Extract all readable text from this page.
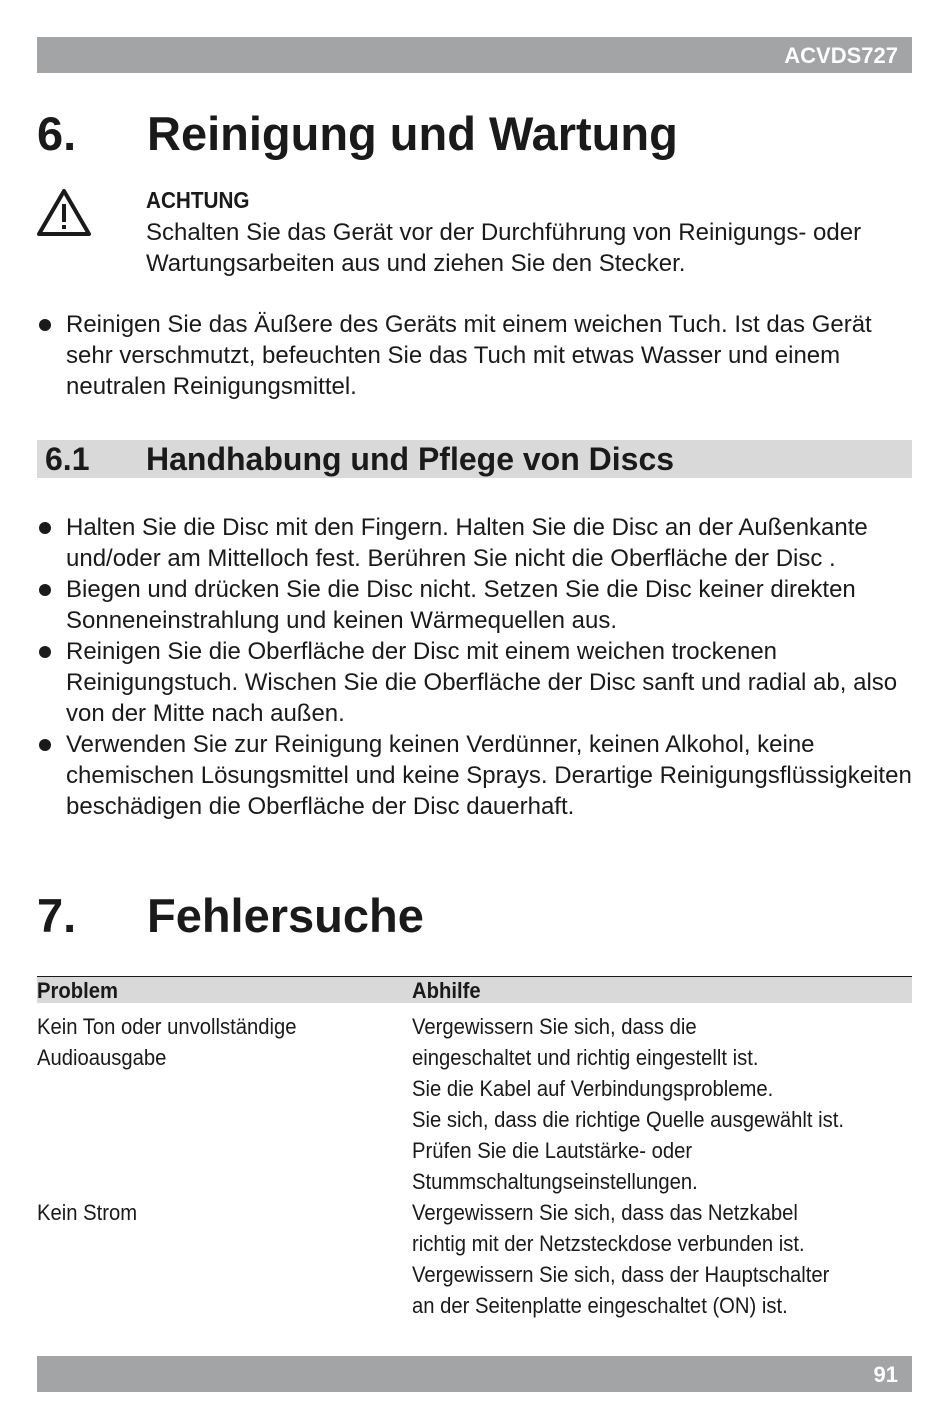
ACVDS727
6. Reinigung und Wartung
ACHTUNG
Schalten Sie das Gerät vor der Durchführung von Reinigungs- oder Wartungsarbeiten aus und ziehen Sie den Stecker.
Reinigen Sie das Äußere des Geräts mit einem weichen Tuch. Ist das Gerät sehr verschmutzt, befeuchten Sie das Tuch mit etwas Wasser und einem neutralen Reinigungsmittel.
6.1 Handhabung und Pflege von Discs
Halten Sie die Disc mit den Fingern. Halten Sie die Disc an der Außenkante und/oder am Mittelloch fest. Berühren Sie nicht die Oberfläche der Disc .
Biegen und drücken Sie die Disc nicht. Setzen Sie die Disc keiner direkten Sonneneinstrahlung und keinen Wärmequellen aus.
Reinigen Sie die Oberfläche der Disc mit einem weichen trockenen Reinigungstuch. Wischen Sie die Oberfläche der Disc sanft und radial ab, also von der Mitte nach außen.
Verwenden Sie zur Reinigung keinen Verdünner, keinen Alkohol, keine chemischen Lösungsmittel und keine Sprays. Derartige Reinigungsflüssigkeiten beschädigen die Oberfläche der Disc dauerhaft.
7. Fehlersuche
Problem	Abhilfe
Kein Ton oder unvollständige
Audioausgabe
Vergewissern Sie sich, dass die
eingeschaltet und richtig eingestellt ist.
Sie die Kabel auf Verbindungsprobleme.
Sie sich, dass die richtige Quelle ausgewählt ist.
Prüfen Sie die Lautstärke- oder
Stummschaltungseinstellungen.
Kein Strom	Vergewissern Sie sich, dass das Netzkabel
richtig mit der Netzsteckdose verbunden ist.
Vergewissern Sie sich, dass der Hauptschalter
an der Seitenplatte eingeschaltet (ON) ist.
91
